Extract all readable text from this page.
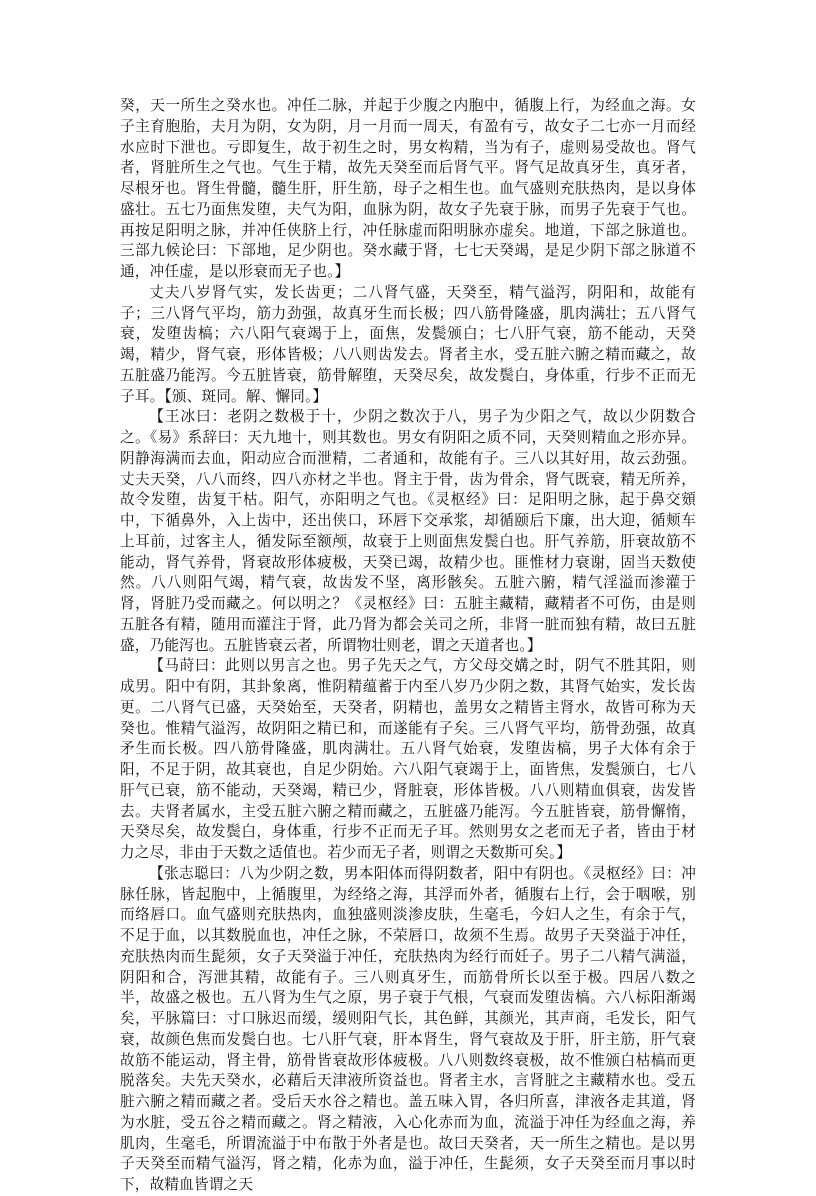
癸，天一所生之癸水也。冲任二脉，并起于少腹之内胞中，循腹上行，为经血之海。女子主育胞胎，夫月为阴，女为阴，月一月而一周天，有盈有亏，故女子二七亦一月而经水应时下泄也。亏即复生，故于初生之时，男女构精，当为有子，虚则易受故也。肾气者，肾脏所生之气也。气生于精，故先天癸至而后肾气平。肾气足故真牙生，真牙者，尽根牙也。肾生骨髓，髓生肝，肝生筋，母子之相生也。血气盛则充肤热肉，是以身体盛壮。五七乃面焦发堕，夫气为阳，血脉为阴，故女子先衰于脉，而男子先衰于气也。再按足阳明之脉，并冲任侠脐上行，冲任脉虚而阳明脉亦虚矣。地道，下部之脉道也。三部九候论曰：下部地，足少阴也。癸水藏于肾，七七天癸竭，是足少阴下部之脉道不通，冲任虚，是以形衰而无子也。】

丈夫八岁肾气实，发长齿更；二八肾气盛，天癸至，精气溢泻，阴阳和，故能有子；三八肾气平均，筋力劲强，故真牙生而长极；四八筋骨隆盛，肌肉满壮；五八肾气衰，发堕齿槁；六八阳气衰竭于上，面焦，发鬓颁白；七八肝气衰，筋不能动，天癸竭，精少，肾气衰，形体皆极；八八则齿发去。肾者主水，受五脏六腑之精而藏之，故五脏盛乃能泻。今五脏皆衰，筋骨解堕，天癸尽矣，故发鬓白，身体重，行步不正而无子耳。【颁、斑同。解、懈同。】

【王冰曰：老阴之数极于十，少阴之数次于八，男子为少阳之气，故以少阴数合之。《易》系辞曰：天九地十，则其数也。男女有阴阳之质不同，天癸则精血之形亦异。阴静海满而去血，阳动应合而泄精，二者通和，故能有子。三八以其好用，故云劲强。丈夫天癸，八八而终，四八亦材之半也。肾主于骨，齿为骨余，肾气既衰，精无所养，故令发堕，齿复干枯。阳气，亦阳明之气也。《灵枢经》曰：足阳明之脉，起于鼻交頞中，下循鼻外，入上齿中，还出侠口，环唇下交承浆，却循颐后下廉，出大迎，循颊车上耳前，过客主人，循发际至额颅，故衰于上则面焦发鬓白也。肝气养筋，肝衰故筋不能动，肾气养骨，肾衰故形体疲极，天癸已竭，故精少也。匪惟材力衰谢，固当天数使然。八八则阳气竭，精气衰，故齿发不坚，离形骸矣。五脏六腑，精气淫溢而渗灌于肾，肾脏乃受而藏之。何以明之？《灵枢经》曰：五脏主藏精，藏精者不可伤，由是则五脏各有精，随用而灌注于肾，此乃肾为都会关司之所，非肾一脏而独有精，故曰五脏盛，乃能泻也。五脏皆衰云者，所谓物壮则老，谓之天道者也。】

【马莳曰：此则以男言之也。男子先天之气，方父母交媾之时，阴气不胜其阳，则成男。阳中有阴，其卦象离，惟阴精蕴蓄于内至八岁乃少阴之数，其肾气始实，发长齿更。二八肾气已盛，天癸始至，天癸者，阴精也，盖男女之精皆主肾水，故皆可称为天癸也。惟精气溢泻，故阴阳之精已和，而遂能有子矣。三八肾气平均，筋骨劲强，故真矛生而长极。四八筋骨隆盛，肌肉满壮。五八肾气始衰，发堕齿槁，男子大体有余于阳，不足于阴，故其衰也，自足少阴始。六八阳气衰竭于上，面皆焦，发鬓颁白，七八肝气已衰，筋不能动，天癸竭，精已少，肾脏衰，形体皆极。八八则精血俱衰，齿发皆去。夫肾者属水，主受五脏六腑之精而藏之，五脏盛乃能泻。今五脏皆衰，筋骨懈惰，天癸尽矣，故发鬓白，身体重，行步不正而无子耳。然则男女之老而无子者，皆由于材力之尽，非由于天数之适值也。若少而无子者，则谓之天数斯可矣。】

【张志聪曰：八为少阴之数，男本阳体而得阴数者，阳中有阴也。《灵枢经》曰：冲脉任脉，皆起胞中，上循腹里，为经络之海，其浮而外者，循腹右上行，会于咽喉，别而络唇口。血气盛则充肤热肉，血独盛则淡渗皮肤，生毫毛，今妇人之生，有余于气，不足于血，以其数脱血也，冲任之脉，不荣唇口，故须不生焉。故男子天癸溢于冲任，充肤热肉而生髭须，女子天癸溢于冲任，充肤热肉为经行而妊子。男子二八精气满溢，阴阳和合，泻泄其精，故能有子。三八则真牙生，而筋骨所长以至于极。四居八数之半，故盛之极也。五八肾为生气之原，男子衰于气根，气衰而发堕齿槁。六八标阳渐竭矣，平脉篇曰：寸口脉迟而缓，缓则阳气长，其色鲜，其颜光，其声商，毛发长，阳气衰，故颜色焦而发鬓白也。七八肝气衰，肝本肾生，肾气衰故及于肝，肝主筋，肝气衰故筋不能运动，肾主骨，筋骨皆衰故形体疲极。八八则数终衰极，故不惟颁白枯槁而更脱落矣。夫先天癸水，必藉后天津液所资益也。肾者主水，言肾脏之主藏精水也。受五脏六腑之精而藏之者。受后天水谷之精也。盖五味入胃，各归所喜，津液各走其道，肾为水脏，受五谷之精而藏之。肾之精液，入心化赤而为血，流溢于冲任为经血之海，养肌肉，生毫毛，所谓流溢于中布散于外者是也。故曰天癸者，天一所生之精也。是以男子天癸至而精气溢泻，肾之精，化赤为血，溢于冲任，生髭须，女子天癸至而月事以时下，故精血皆谓之天
